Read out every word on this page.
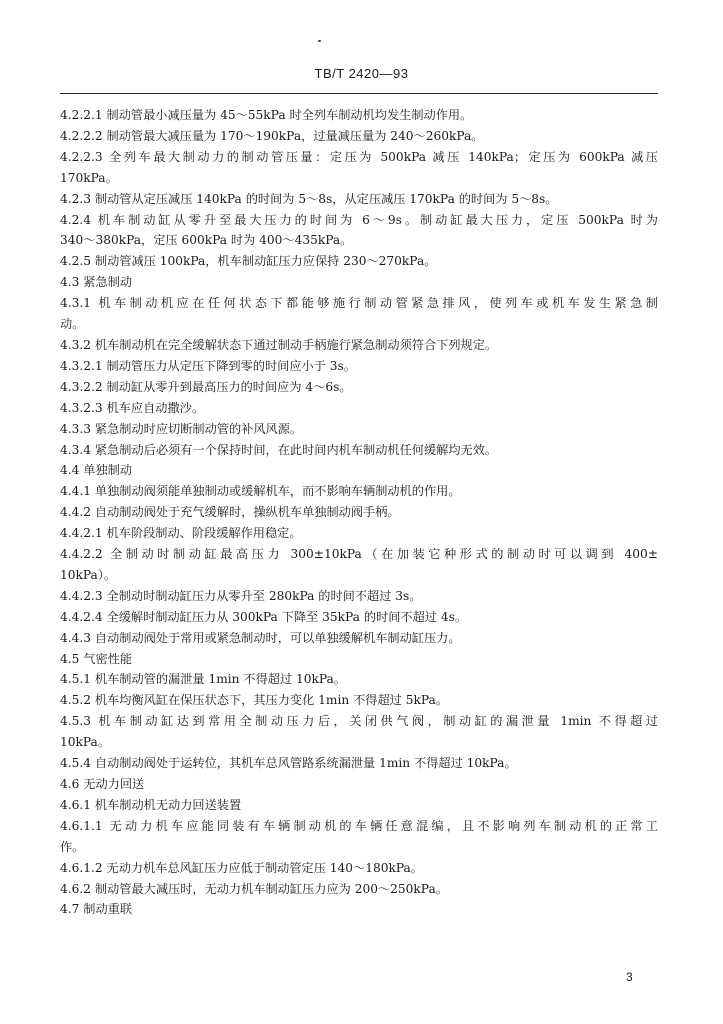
TB/T 2420—93
4.2.2.1 制动管最小减压量为 45～55kPa 时全列车制动机均发生制动作用。
4.2.2.2 制动管最大减压量为 170～190kPa，过量减压量为 240～260kPa。
4.2.2.3 全列车最大制动力的制动管压量：定压为 500kPa 减压 140kPa；定压为 600kPa 减压
170kPa。
4.2.3 制动管从定压减压 140kPa 的时间为 5～8s，从定压减压 170kPa 的时间为 5～8s。
4.2.4 机车制动缸从零升至最大压力的时间为 6～9s。制动缸最大压力，定压 500kPa 时为
340～380kPa，定压 600kPa 时为 400～435kPa。
4.2.5 制动管减压 100kPa，机车制动缸压力应保持 230～270kPa。
4.3 紧急制动
4.3.1 机车制动机应在任何状态下都能够施行制动管紧急排风，使列车或机车发生紧急制
动。
4.3.2 机车制动机在完全缓解状态下通过制动手柄施行紧急制动须符合下列规定。
4.3.2.1 制动管压力从定压下降到零的时间应小于 3s。
4.3.2.2 制动缸从零升到最高压力的时间应为 4～6s。
4.3.2.3 机车应自动撒沙。
4.3.3 紧急制动时应切断制动管的补风风源。
4.3.4 紧急制动后必须有一个保持时间，在此时间内机车制动机任何缓解均无效。
4.4 单独制动
4.4.1 单独制动阀须能单独制动或缓解机车，而不影响车辆制动机的作用。
4.4.2 自动制动阀处于充气缓解时，操纵机车单独制动阀手柄。
4.4.2.1 机车阶段制动、阶段缓解作用稳定。
4.4.2.2 全制动时制动缸最高压力 300±10kPa（在加装它种形式的制动时可以调到 400±
10kPa）。
4.4.2.3 全制动时制动缸压力从零升至 280kPa 的时间不超过 3s。
4.4.2.4 全缓解时制动缸压力从 300kPa 下降至 35kPa 的时间不超过 4s。
4.4.3 自动制动阀处于常用或紧急制动时，可以单独缓解机车制动缸压力。
4.5 气密性能
4.5.1 机车制动管的漏泄量 1min 不得超过 10kPa。
4.5.2 机车均衡风缸在保压状态下，其压力变化 1min 不得超过 5kPa。
4.5.3 机车制动缸达到常用全制动压力后，关闭供气阀，制动缸的漏泄量 1min 不得超过
10kPa。
4.5.4 自动制动阀处于运转位，其机车总风管路系统漏泄量 1min 不得超过 10kPa。
4.6 无动力回送
4.6.1 机车制动机无动力回送装置
4.6.1.1 无动力机车应能同装有车辆制动机的车辆任意混编，且不影响列车制动机的正常工
作。
4.6.1.2 无动力机车总风缸压力应低于制动管定压 140～180kPa。
4.6.2 制动管最大减压时，无动力机车制动缸压力应为 200～250kPa。
4.7 制动重联
3
